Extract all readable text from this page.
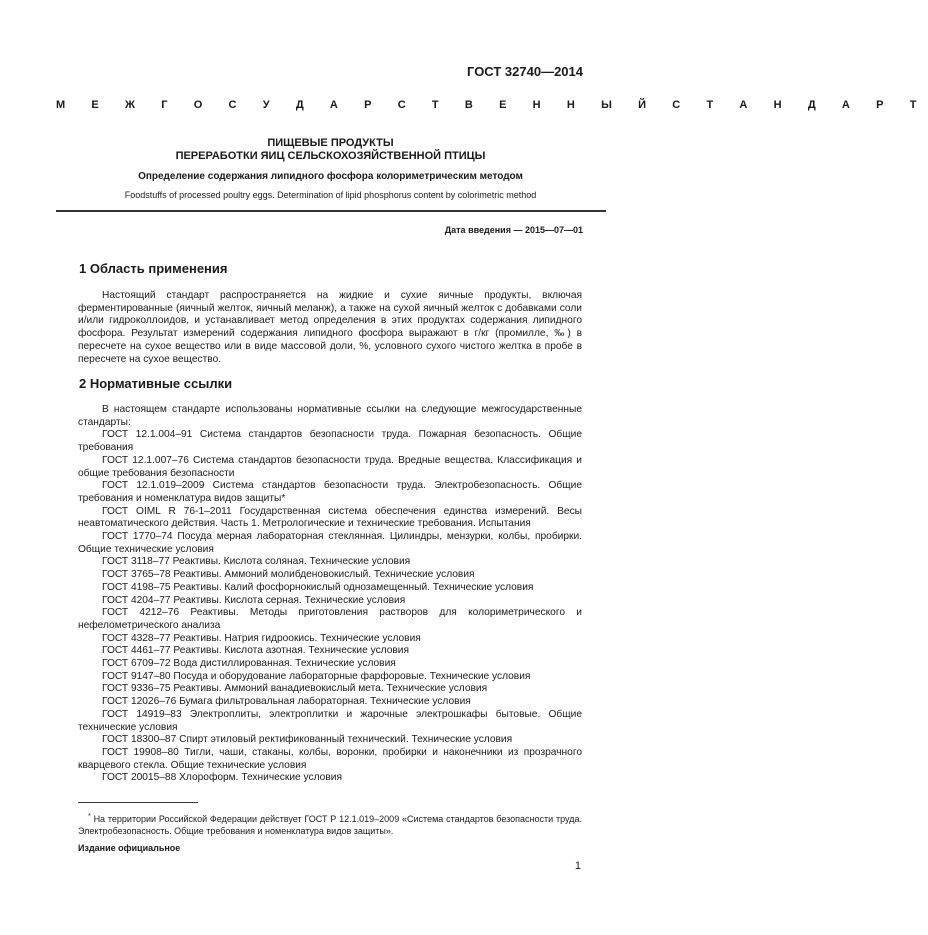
ГОСТ 32740—2014
М Е Ж Г О С У Д А Р С Т В Е Н Н Ы Й С Т А Н Д А Р Т
ПИЩЕВЫЕ ПРОДУКТЫ
ПЕРЕРАБОТКИ ЯИЦ СЕЛЬСКОХОЗЯЙСТВЕННОЙ ПТИЦЫ
Определение содержания липидного фосфора колориметрическим методом
Foodstuffs of processed poultry eggs. Determination of lipid phosphorus content by colorimetric method
Дата введения — 2015—07—01
1 Область применения
Настоящий стандарт распространяется на жидкие и сухие яичные продукты, включая ферментированные (яичный желток, яичный меланж), а также на сухой яичный желток с добавками соли и/или гидроколлоидов, и устанавливает метод определения в этих продуктах содержания липидного фосфора. Результат измерений содержания липидного фосфора выражают в г/кг (промилле, ‰) в пересчете на сухое вещество или в виде массовой доли, %, условного сухого чистого желтка в пробе в пересчете на сухое вещество.
2 Нормативные ссылки
В настоящем стандарте использованы нормативные ссылки на следующие межгосударственные стандарты:
ГОСТ 12.1.004–91 Система стандартов безопасности труда. Пожарная безопасность. Общие требования
ГОСТ 12.1.007–76 Система стандартов безопасности труда. Вредные вещества. Классификация и общие требования безопасности
ГОСТ 12.1.019–2009 Система стандартов безопасности труда. Электробезопасность. Общие требования и номенклатура видов защиты*
ГОСТ OIML R 76-1–2011 Государственная система обеспечения единства измерений. Весы неавтоматического действия. Часть 1. Метрологические и технические требования. Испытания
ГОСТ 1770–74 Посуда мерная лабораторная стеклянная. Цилиндры, мензурки, колбы, пробирки. Общие технические условия
ГОСТ 3118–77 Реактивы. Кислота соляная. Технические условия
ГОСТ 3765–78 Реактивы. Аммоний молибденовокислый. Технические условия
ГОСТ 4198–75 Реактивы. Калий фосфорнокислый однозамещенный. Технические условия
ГОСТ 4204–77 Реактивы. Кислота серная. Технические условия
ГОСТ 4212–76 Реактивы. Методы приготовления растворов для колориметрического и нефелометрического анализа
ГОСТ 4328–77 Реактивы. Натрия гидроокись. Технические условия
ГОСТ 4461–77 Реактивы. Кислота азотная. Технические условия
ГОСТ 6709–72 Вода дистиллированная. Технические условия
ГОСТ 9147–80 Посуда и оборудование лабораторные фарфоровые. Технические условия
ГОСТ 9336–75 Реактивы. Аммоний ванадиевокислый мета. Технические условия
ГОСТ 12026–76 Бумага фильтровальная лабораторная. Технические условия
ГОСТ 14919–83 Электроплиты, электроплитки и жарочные электрошкафы бытовые. Общие технические условия
ГОСТ 18300–87 Спирт этиловый ректификованный технический. Технические условия
ГОСТ 19908–80 Тигли, чаши, стаканы, колбы, воронки, пробирки и наконечники из прозрачного кварцевого стекла. Общие технические условия
ГОСТ 20015–88 Хлороформ. Технические условия
* На территории Российской Федерации действует ГОСТ Р 12.1.019–2009 «Система стандартов безопасности труда. Электробезопасность. Общие требования и номенклатура видов защиты».
Издание официальное
1
